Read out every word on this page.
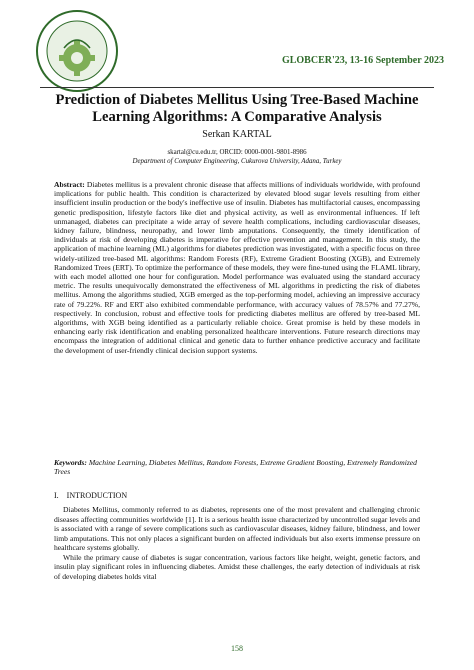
GLOBCER'23, 13-16 September 2023
Prediction of Diabetes Mellitus Using Tree-Based Machine Learning Algorithms: A Comparative Analysis
Serkan KARTAL
skartal@cu.edu.tr, ORCID: 0000-0001-9801-8986
Department of Computer Engineering, Cukurova University, Adana, Turkey
Abstract: Diabetes mellitus is a prevalent chronic disease that affects millions of individuals worldwide, with profound implications for public health. This condition is characterized by elevated blood sugar levels resulting from either insufficient insulin production or the body's ineffective use of insulin. Diabetes has multifactorial causes, encompassing genetic predisposition, lifestyle factors like diet and physical activity, as well as environmental influences. If left unmanaged, diabetes can precipitate a wide array of severe health complications, including cardiovascular diseases, kidney failure, blindness, neuropathy, and lower limb amputations. Consequently, the timely identification of individuals at risk of developing diabetes is imperative for effective prevention and management. In this study, the application of machine learning (ML) algorithms for diabetes prediction was investigated, with a specific focus on three widely-utilized tree-based ML algorithms: Random Forests (RF), Extreme Gradient Boosting (XGB), and Extremely Randomized Trees (ERT). To optimize the performance of these models, they were fine-tuned using the FLAML library, with each model allotted one hour for configuration. Model performance was evaluated using the standard accuracy metric. The results unequivocally demonstrated the effectiveness of ML algorithms in predicting the risk of diabetes mellitus. Among the algorithms studied, XGB emerged as the top-performing model, achieving an impressive accuracy rate of 79.22%. RF and ERT also exhibited commendable performance, with accuracy values of 78.57% and 77.27%, respectively. In conclusion, robust and effective tools for predicting diabetes mellitus are offered by tree-based ML algorithms, with XGB being identified as a particularly reliable choice. Great promise is held by these models in enhancing early risk identification and enabling personalized healthcare interventions. Future research directions may encompass the integration of additional clinical and genetic data to further enhance predictive accuracy and facilitate the development of user-friendly clinical decision support systems.
Keywords: Machine Learning, Diabetes Mellitus, Random Forests, Extreme Gradient Boosting, Extremely Randomized Trees
I. INTRODUCTION

Diabetes Mellitus, commonly referred to as diabetes, represents one of the most prevalent and challenging chronic diseases affecting communities worldwide [1]. It is a serious health issue characterized by uncontrolled sugar levels and is associated with a range of severe complications such as cardiovascular diseases, kidney failure, blindness, and lower limb amputations. This not only places a significant burden on affected individuals but also exerts immense pressure on healthcare systems globally.

While the primary cause of diabetes is sugar concentration, various factors like height, weight, genetic factors, and insulin play significant roles in influencing diabetes. Amidst these challenges, the early detection of individuals at risk of developing diabetes holds vital

158
